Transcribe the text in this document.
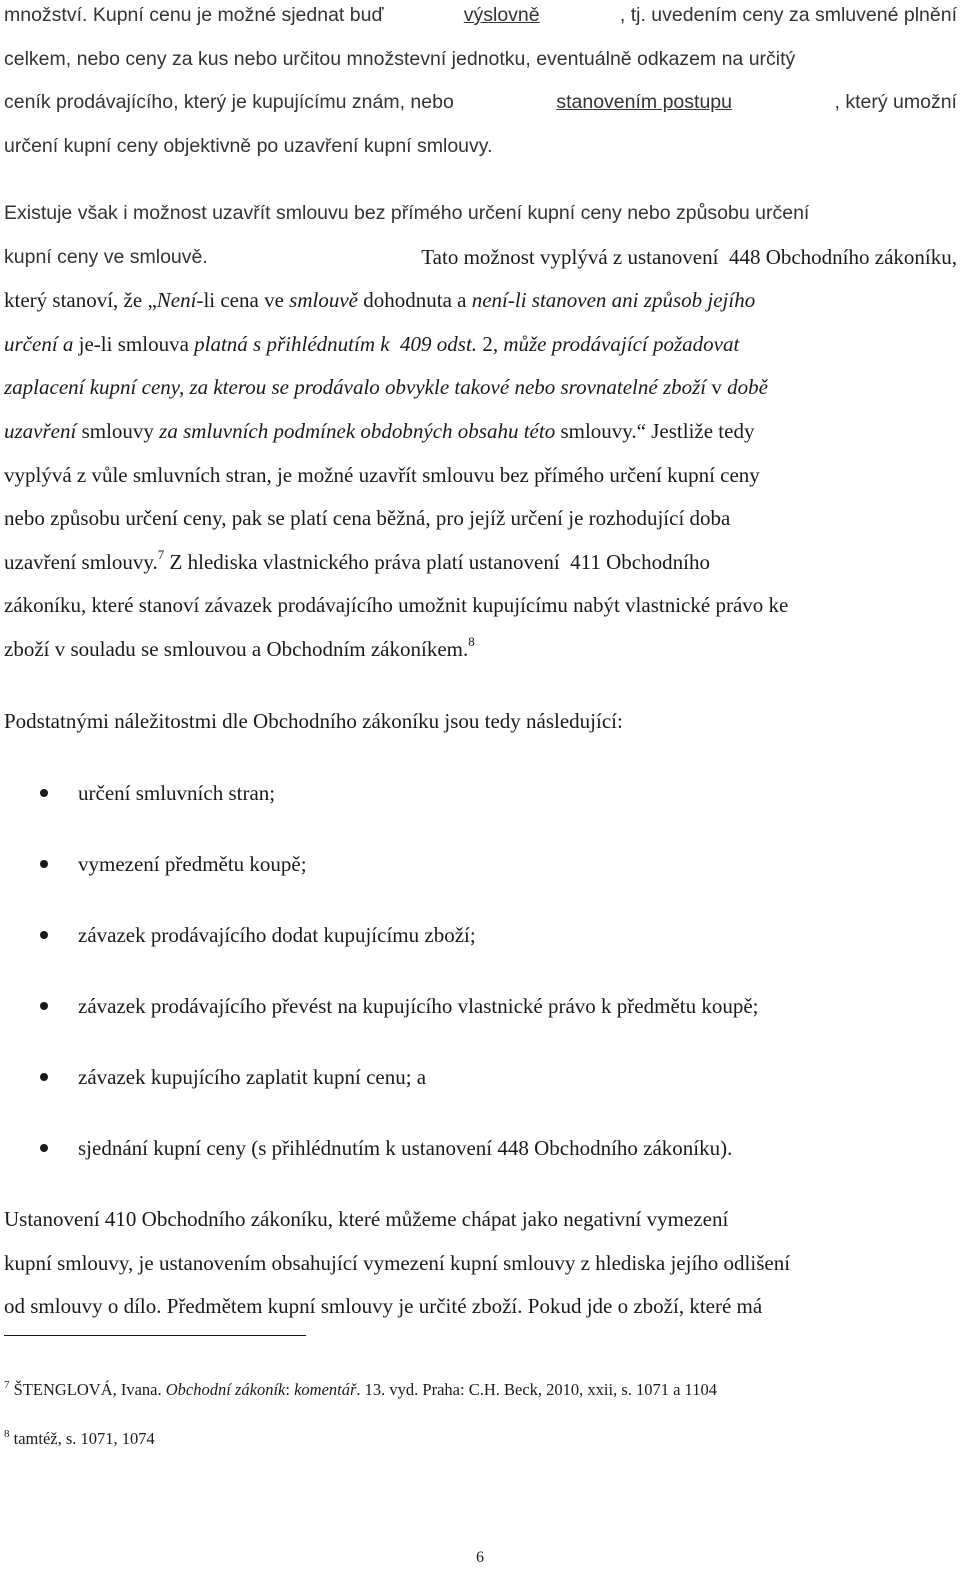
množství. Kupní cenu je možné sjednat buď	výslovně	, tj. uvedením ceny za smluvené plnění
celkem, nebo ceny za kus nebo určitou množstevní jednotku, eventuálně odkazem na určitý
ceník prodávajícího, který je kupujícímu znám, nebo	stanovením postupu	, který umožní
určení kupní ceny objektivně po uzavření kupní smlouvy.
Existuje však i možnost uzavřít smlouvu bez přímého určení kupní ceny nebo způsobu určení
kupní ceny ve smlouvě.	Tato možnost vyplývá z ustanovení  448 Obchodního zákoníku,
který stanoví, že „Není-li cena ve smlouvě dohodnuta a není-li stanoven ani způsob jejího
určení a je-li smlouva platná s přihlédnutím k  409 odst. 2, může prodávající požadovat
zaplacení kupní ceny, za kterou se prodávalo obvykle takové nebo srovnatelné zboží v době
uzavření smlouvy za smluvních podmínek obdobných obsahu této smlouvy.“ Jestliže tedy
vyplývá z vůle smluvních stran, je možné uzavřít smlouvu bez přímého určení kupní ceny
nebo způsobu určení ceny, pak se platí cena běžná, pro jejíž určení je rozhodující doba
uzavření smlouvy.$^7$ Z hlediska vlastnického práva platí ustanovení  411 Obchodního
zákoníku, které stanoví závazek prodávajícího umožnit kupujícímu nabýt vlastnické právo ke
zboží v souladu se smlouvou a Obchodním zákoníkem.$^8$

Podstatnými náležitostmi dle Obchodního zákoníku jsou tedy následující:

určení smluvních stran;
vymezení předmětu koupě;
závazek prodávajícího dodat kupujícímu zboží;
závazek prodávajícího převést na kupujícího vlastnické právo k předmětu koupě;
závazek kupujícího zaplatit kupní cenu; a
sjednání kupní ceny (s přihlédnutím k ustanovení 448 Obchodního zákoníku).
Ustanovení 410 Obchodního zákoníku, které můžeme chápat jako negativní vymezení
kupní smlouvy, je ustanovením obsahující vymezení kupní smlouvy z hlediska jejího odlišení
od smlouvy o dílo. Předmětem kupní smlouvy je určité zboží. Pokud jde o zboží, které má
$^7$ ŠTENGLOVÁ, Ivana. Obchodní zákoník: komentář. 13. vyd. Praha: C.H. Beck, 2010, xxii, s. 1071 a 1104
$^8$ tamtéž, s. 1071, 1074
6
